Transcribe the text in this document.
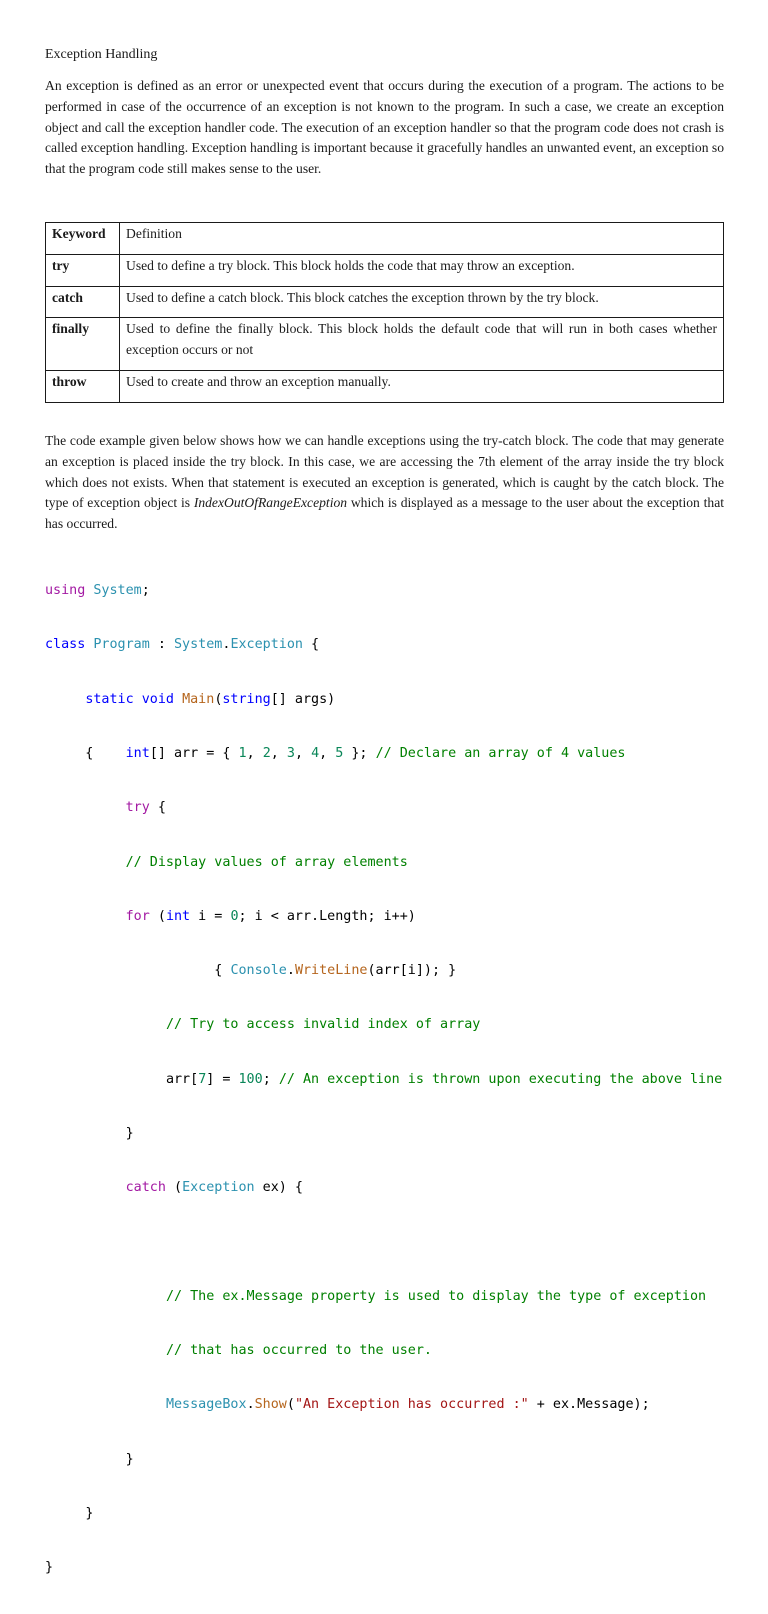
Exception Handling

An exception is defined as an error or unexpected event that occurs during the execution of a program. The actions to be performed in case of the occurrence of an exception is not known to the program. In such a case, we create an exception object and call the exception handler code. The execution of an exception handler so that the program code does not crash is called exception handling. Exception handling is important because it gracefully handles an unwanted event, an exception so that the program code still makes sense to the user.

Keyword	Definition
try	Used to define a try block. This block holds the code that may throw an exception.
catch	Used to define a catch block. This block catches the exception thrown by the try block.
finally	Used to define the finally block. This block holds the default code that will run in both cases whether exception occurs or not
throw	Used to create and throw an exception manually.

The code example given below shows how we can handle exceptions using the try-catch block. The code that may generate an exception is placed inside the try block. In this case, we are accessing the 7th element of the array inside the try block which does not exists. When that statement is executed an exception is generated, which is caught by the catch block. The type of exception object is IndexOutOfRangeException which is displayed as a message to the user about the exception that has occurred.

using System;

class Program : System.Exception {

static void Main(string[] args)

{    int[] arr = { 1, 2, 3, 4, 5 }; // Declare an array of 4 values

try {

// Display values of array elements

for (int i = 0; i < arr.Length; i++)

{ Console.WriteLine(arr[i]); }

// Try to access invalid index of array

arr[7] = 100; // An exception is thrown upon executing the above line

}

catch (Exception ex) {

// The ex.Message property is used to display the type of exception

// that has occurred to the user.

MessageBox.Show("An Exception has occurred :" + ex.Message);

}

}

}
